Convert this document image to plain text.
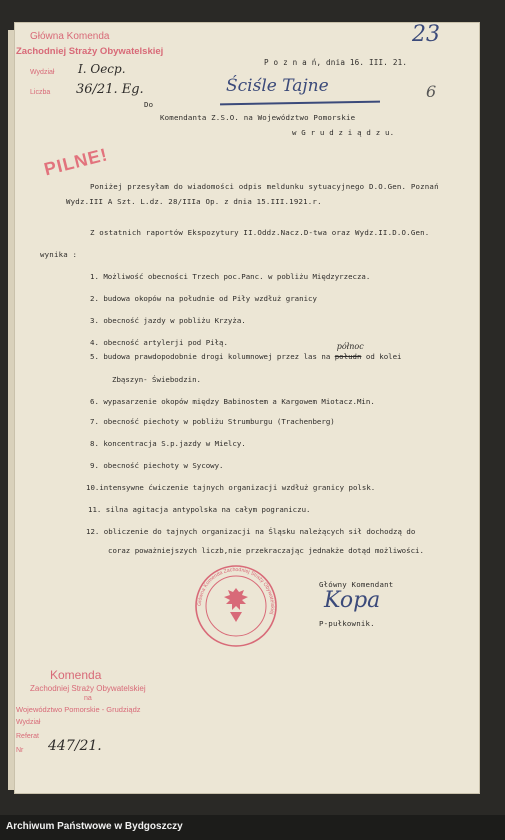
23
6
Główna Komenda
Zachodniej Straży Obywatelskiej
Wydział I. Oecp.
Liczba 36/21. Eg.
P o z n a ń, dnia 16. III. 21.
Ściśle Tajne
Do
Komendanta Z.S.O. na Województwo Pomorskie
w G r u d z i ą d z u.
PILNE!
Poniżej przesyłam do wiadomości odpis meldunku sytuacyjnego D.O.Gen. Poznań
Wydz.III A Szt. L.dz. 28/IIIa Op. z dnia 15.III.1921.r.
Z ostatnich raportów Ekspozytury II.Oddz.Nacz.D-twa oraz Wydz.II.D.O.Gen.
wynika :
1. Możliwość obecności Trzech poc.Panc. w pobliżu Międzyrzecza.
2. budowa okopów na południe od Piły wzdłuż granicy
3. obecność jazdy w pobliżu Krzyża.
4. obecność artylerji pod Piłą.
5. budowa prawdopodobnie drogi kolumnowej przez las na
północ
połudn od kolei
Zbąszyn- Świebodzin.
6. wypasarzenie okopów między Babinostem a Kargowem Miotacz.Min.
7. obecność piechoty w pobliżu Strumburgu (Trachenberg)
8. koncentracja S.p.jazdy w Mielcy.
9. obecność piechoty w Sycowy.
10.intensywne ćwiczenie tajnych organizacji wzdłuż granicy polsk.
11. silna agitacja antypolska na całym pograniczu.
12. obliczenie do tajnych organizacji na Śląsku należących sił dochodzą do
coraz poważniejszych liczb,nie przekraczając jednakże dotąd możliwości.
Główny Komendant
Kopa
P-pułkownik.
Główna Komenda Zachodniej Straży Obywatelskiej
Komenda
Zachodniej Straży Obywatelskiej
na
Województwo Pomorskie - Grudziądz
Wydział
Referat
Nr 447/21.
Archiwum Państwowe w Bydgoszczy
